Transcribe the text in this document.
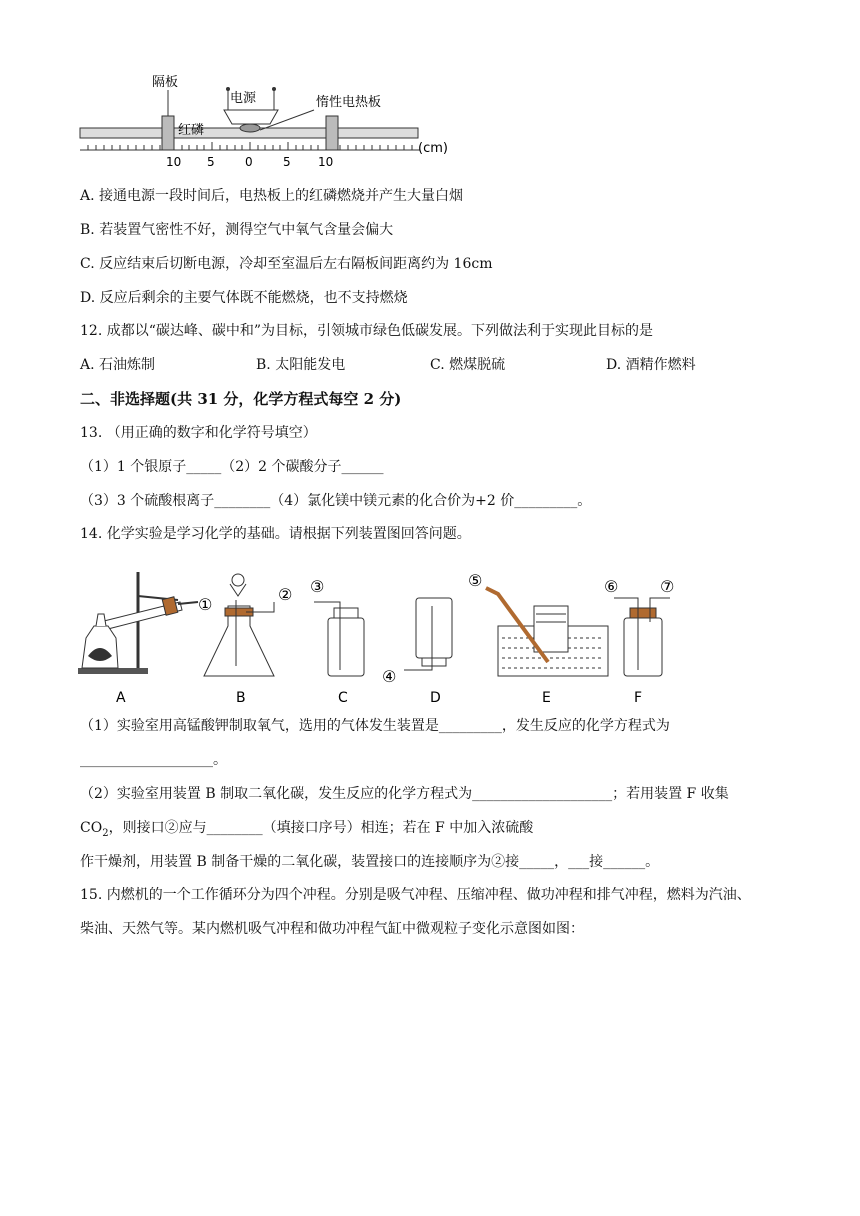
隔板
电源	惰性电热板
红磷
10 5	0	5 10
(cm)
A. 接通电源一段时间后，电热板上的红磷燃烧并产生大量白烟
B. 若装置气密性不好，测得空气中氧气含量会偏大
C. 反应结束后切断电源，冷却至室温后左右隔板间距离约为 16cm
D. 反应后剩余的主要气体既不能燃烧，也不支持燃烧
12. 成都以“碳达峰、碳中和”为目标，引领城市绿色低碳发展。下列做法利于实现此目标的是
A. 石油炼制	B. 太阳能发电	C. 燃煤脱硫	D. 酒精作燃料
二、非选择题(共 31 分，化学方程式每空 2 分)
13. （用正确的数字和化学符号填空）
（1）1 个银原子_____（2）2 个碳酸分子______
（3）3 个硫酸根离子________（4）氯化镁中镁元素的化合价为+2 价_________。
14. 化学实验是学习化学的基础。请根据下列装置图回答问题。
①
A
②
B
③
C
④
D
⑤
E
⑥	⑦
F
（1）实验室用高锰酸钾制取氧气，选用的气体发生装置是_________，发生反应的化学方程式为
___________________。
（2）实验室用装置 B 制取二氧化碳，发生反应的化学方程式为____________________；若用装置 F 收集
$CO_2$，则接口②应与________（填接口序号）相连；若在 F 中加入浓硫酸
作干燥剂，用装置 B 制备干燥的二氧化碳，装置接口的连接顺序为②接_____，___接______。
15. 内燃机的一个工作循环分为四个冲程。分别是吸气冲程、压缩冲程、做功冲程和排气冲程，燃料为汽油、
柴油、天然气等。某内燃机吸气冲程和做功冲程气缸中微观粒子变化示意图如图：
